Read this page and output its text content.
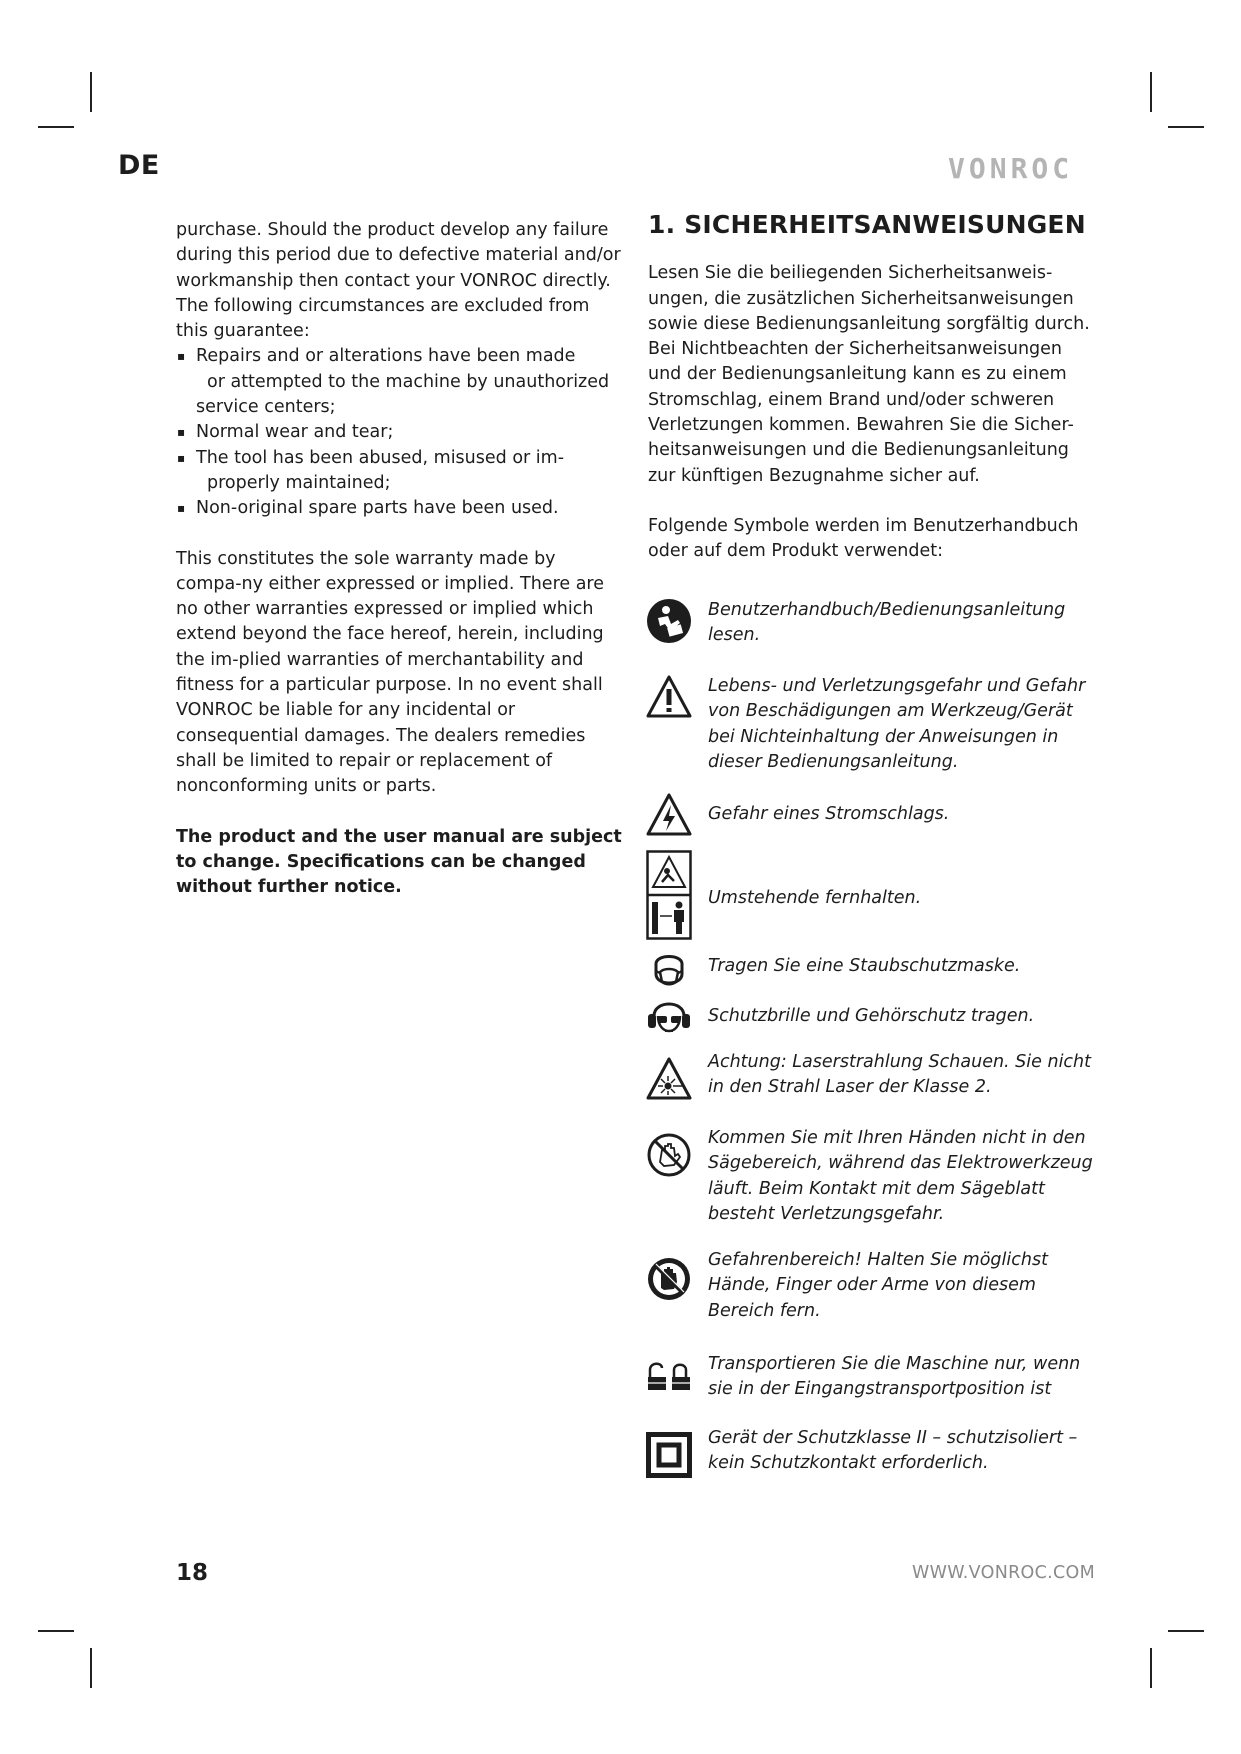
DE	VONROC

purchase. Should the product develop any failure during this period due to defective material and/or workmanship then contact your VONROC directly. The following circumstances are excluded from this guarantee:

▪ Repairs and or alterations have been made
or attempted to the machine by unauthorized service centers;
▪ Normal wear and tear;
▪ The tool has been abused, misused or im-
properly maintained;
▪ Non-original spare parts have been used.

This constitutes the sole warranty made by compa-ny either expressed or implied. There are no other warranties expressed or implied which extend beyond the face hereof, herein, including the im-plied warranties of merchantability and fitness for a particular purpose. In no event shall VONROC be liable for any incidental or consequential damages. The dealers remedies shall be limited to repair or replacement of nonconforming units or parts.

The product and the user manual are subject to change. Specifications can be changed without further notice.

1. SICHERHEITSANWEISUNGEN

Lesen Sie die beiliegenden Sicherheitsanweis-ungen, die zusätzlichen Sicherheitsanweisungen sowie diese Bedienungsanleitung sorgfältig durch. Bei Nichtbeachten der Sicherheitsanweisungen und der Bedienungsanleitung kann es zu einem Stromschlag, einem Brand und/oder schweren Verletzungen kommen. Bewahren Sie die Sicher-heitsanweisungen und die Bedienungsanleitung zur künftigen Bezugnahme sicher auf.

Folgende Symbole werden im Benutzerhandbuch oder auf dem Produkt verwendet:

Benutzerhandbuch/Bedienungsanleitung lesen.
Lebens- und Verletzungsgefahr und Gefahr von Beschädigungen am Werkzeug/Gerät bei Nichteinhaltung der Anweisungen in dieser Bedienungsanleitung.
Gefahr eines Stromschlags.
Umstehende fernhalten.
Tragen Sie eine Staubschutzmaske.
Schutzbrille und Gehörschutz tragen.
Achtung: Laserstrahlung Schauen. Sie nicht in den Strahl Laser der Klasse 2.
Kommen Sie mit Ihren Händen nicht in den Sägebereich, während das Elektrowerkzeug läuft. Beim Kontakt mit dem Sägeblatt besteht Verletzungsgefahr.
Gefahrenbereich! Halten Sie möglichst Hände, Finger oder Arme von diesem Bereich fern.
Transportieren Sie die Maschine nur, wenn sie in der Eingangstransportposition ist
Gerät der Schutzklasse II – schutzisoliert – kein Schutzkontakt erforderlich.
18	WWW.VONROC.COM
